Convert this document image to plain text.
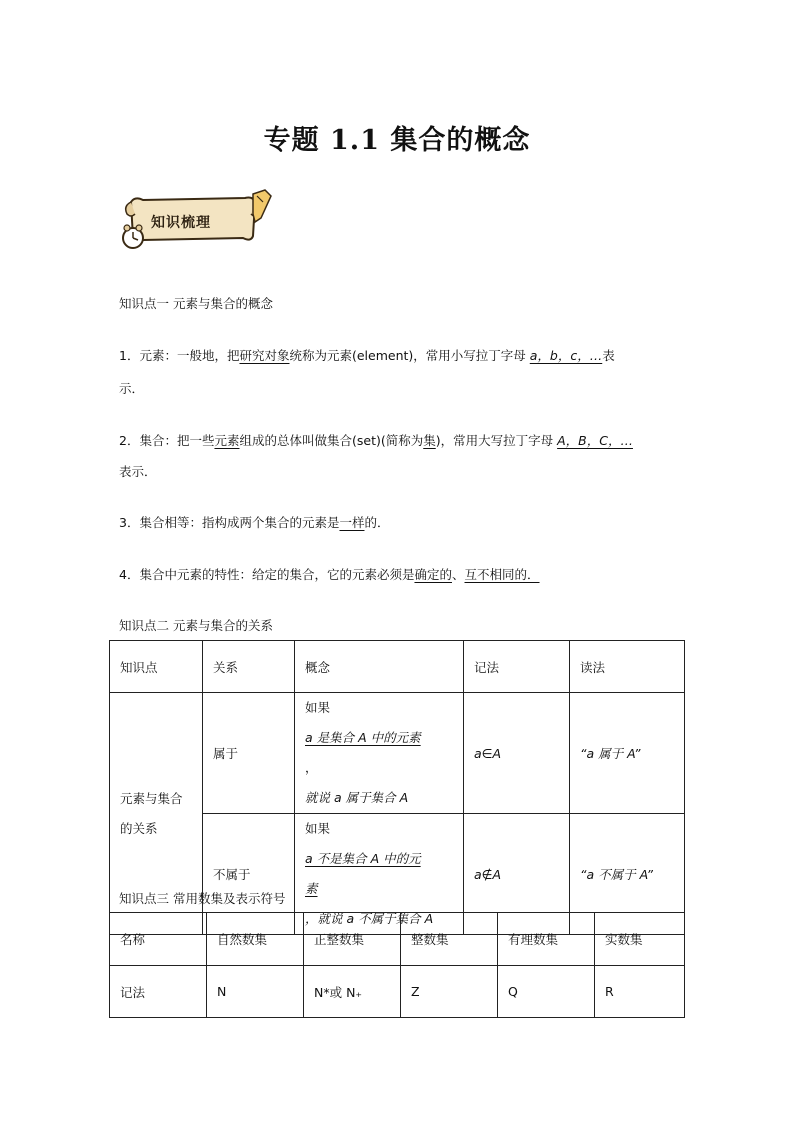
专题 1.1 集合的概念
知识梳理
知识点一 元素与集合的概念
1．元素：一般地，把研究对象统称为元素(element)，常用小写拉丁字母 a，b，c，…表
示．
2．集合：把一些元素组成的总体叫做集合(set)(简称为集)，常用大写拉丁字母 A，B，C，…
表示．
3．集合相等：指构成两个集合的元素是一样的．
4．集合中元素的特性：给定的集合，它的元素必须是确定的、互不相同的．
知识点二 元素与集合的关系
知识点	关系	概念	记法	读法

元素与集合
的关系	属于	如果
a 是集合 A 中的元素
，
就说 a 属于集合 A	a∈A	“a 属于 A”
	不属于	如果
a 不是集合 A 中的元
素
，就说 a 不属于集合 A	a∉A	“a 不属于 A”
知识点三 常用数集及表示符号
名称	自然数集	正整数集	整数集	有理数集	实数集
记法	N	N*或 N₊	Z	Q	R
